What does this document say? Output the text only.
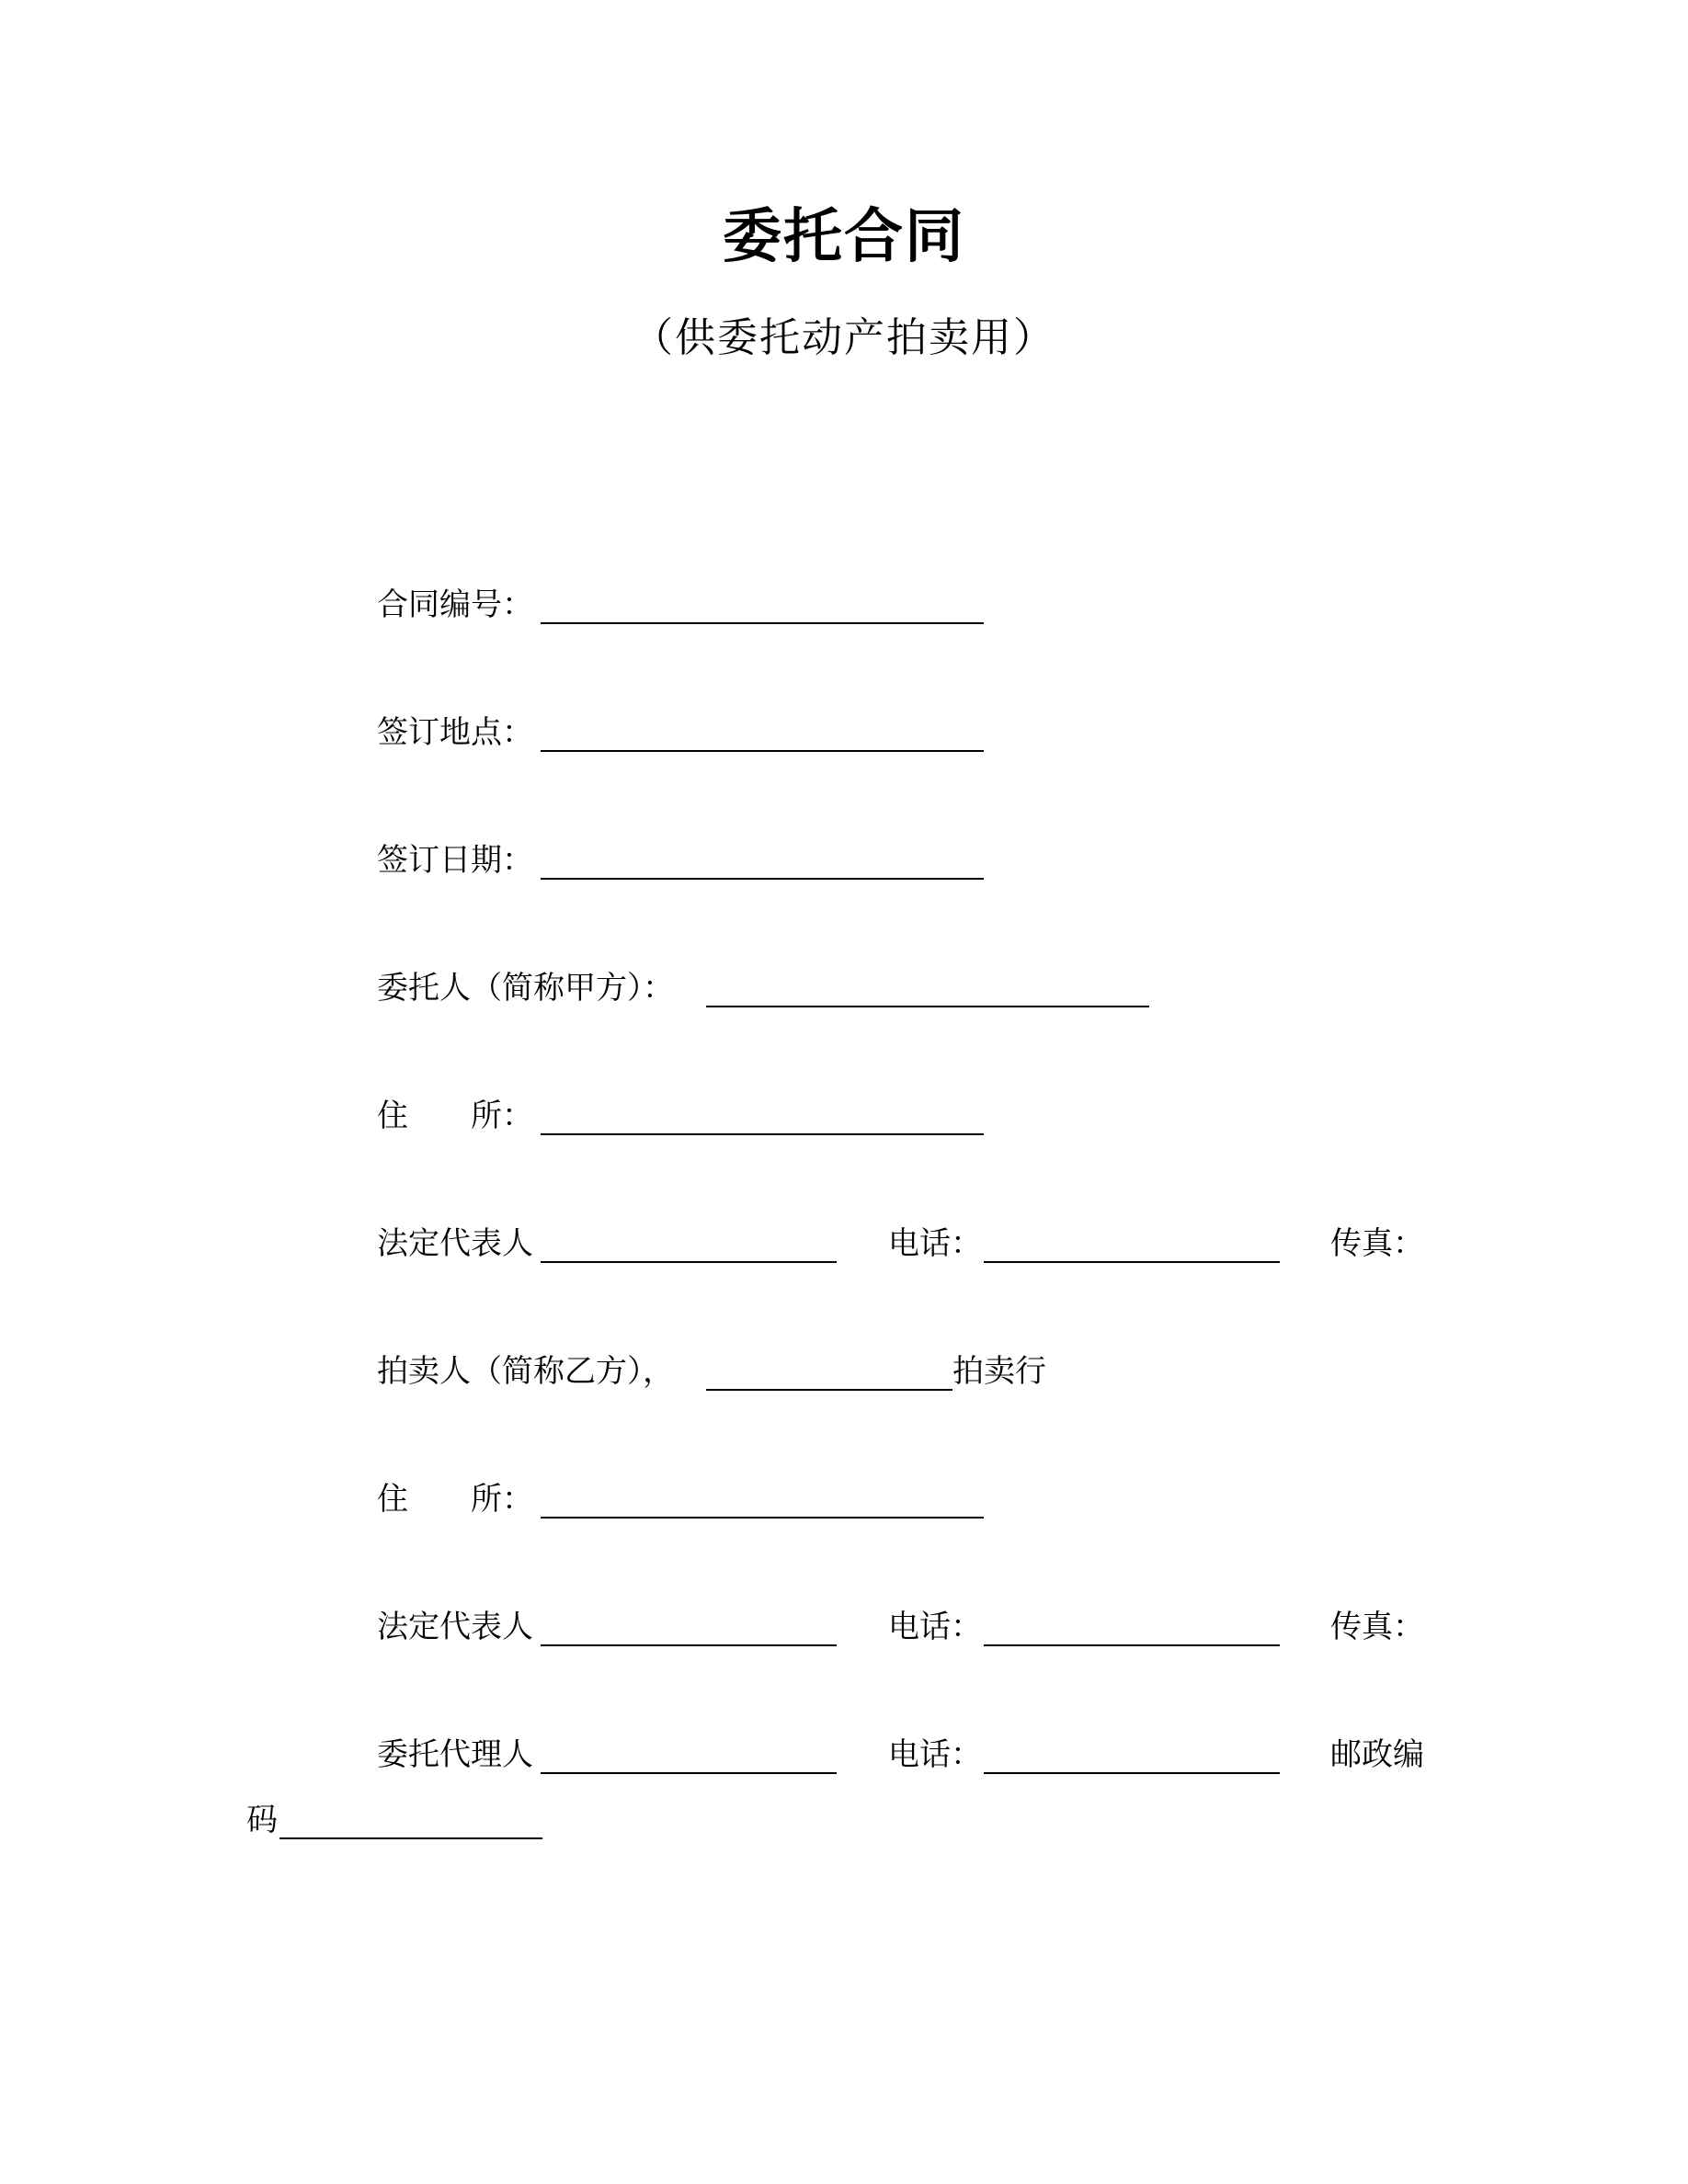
委托合同
（供委托动产拍卖用）
合同编号：
签订地点：
签订日期：
委托人（简称甲方）：
住　　所：
法定代表人	电话：	传真：
拍卖人（简称乙方），	拍卖行
住　　所：
法定代表人	电话：	传真：
委托代理人	电话：	邮政编
码
